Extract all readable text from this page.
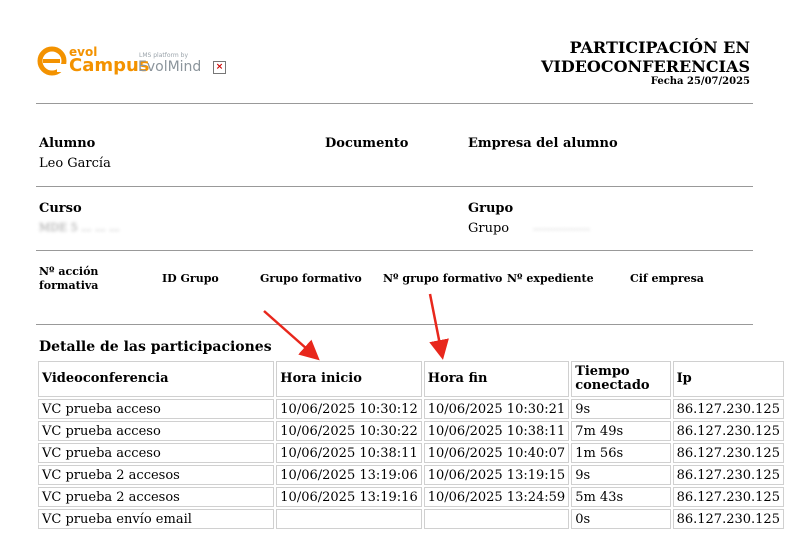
evol
Campus
LMS platform by
EvolMind	×
PARTICIPACIÓN EN
VIDEOCONFERENCIAS
Fecha 25/07/2025
Alumno
Leo García
Documento	Empresa del alumno
Curso
MDE 5 ... ... ...
Grupo
Grupo	....................
Nº acción formativa
ID Grupo	Grupo formativo Nº grupo formativo Nº expediente	Cif empresa
Detalle de las participaciones
Videoconferencia	Hora inicio	Hora fin	Tiempo conectado	Ip
VC prueba acceso	10/06/2025 10:30:12	10/06/2025 10:30:21	9s	86.127.230.125
VC prueba acceso	10/06/2025 10:30:22	10/06/2025 10:38:11	7m 49s	86.127.230.125
VC prueba acceso	10/06/2025 10:38:11	10/06/2025 10:40:07	1m 56s	86.127.230.125
VC prueba 2 accesos	10/06/2025 13:19:06	10/06/2025 13:19:15	9s	86.127.230.125
VC prueba 2 accesos	10/06/2025 13:19:16	10/06/2025 13:24:59	5m 43s	86.127.230.125
VC prueba envío email			0s	86.127.230.125
